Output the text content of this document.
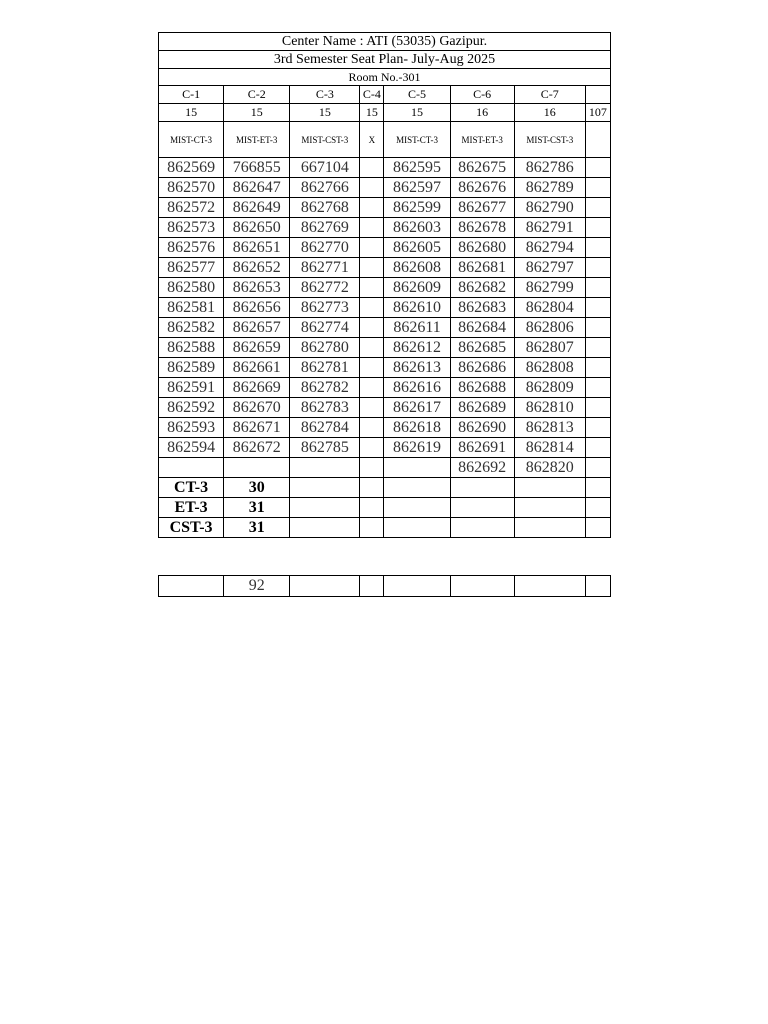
Center Name : ATI (53035) Gazipur.							
3rd Semester Seat Plan- July-Aug 2025							
Room No.-301							
C-1	C-2	C-3	C-4	C-5	C-6	C-7	
15	15	15	15	15	16	16	107
MIST-CT-3	MIST-ET-3	MIST-CST-3	X	MIST-CT-3	MIST-ET-3	MIST-CST-3	
862569	766855	667104		862595	862675	862786	
862570	862647	862766		862597	862676	862789	
862572	862649	862768		862599	862677	862790	
862573	862650	862769		862603	862678	862791	
862576	862651	862770		862605	862680	862794	
862577	862652	862771		862608	862681	862797	
862580	862653	862772		862609	862682	862799	
862581	862656	862773		862610	862683	862804	
862582	862657	862774		862611	862684	862806	
862588	862659	862780		862612	862685	862807	
862589	862661	862781		862613	862686	862808	
862591	862669	862782		862616	862688	862809	
862592	862670	862783		862617	862689	862810	
862593	862671	862784		862618	862690	862813	
862594	862672	862785		862619	862691	862814	
					862692	862820	
CT-3	30						
ET-3	31						
CST-3	31						
	92						
